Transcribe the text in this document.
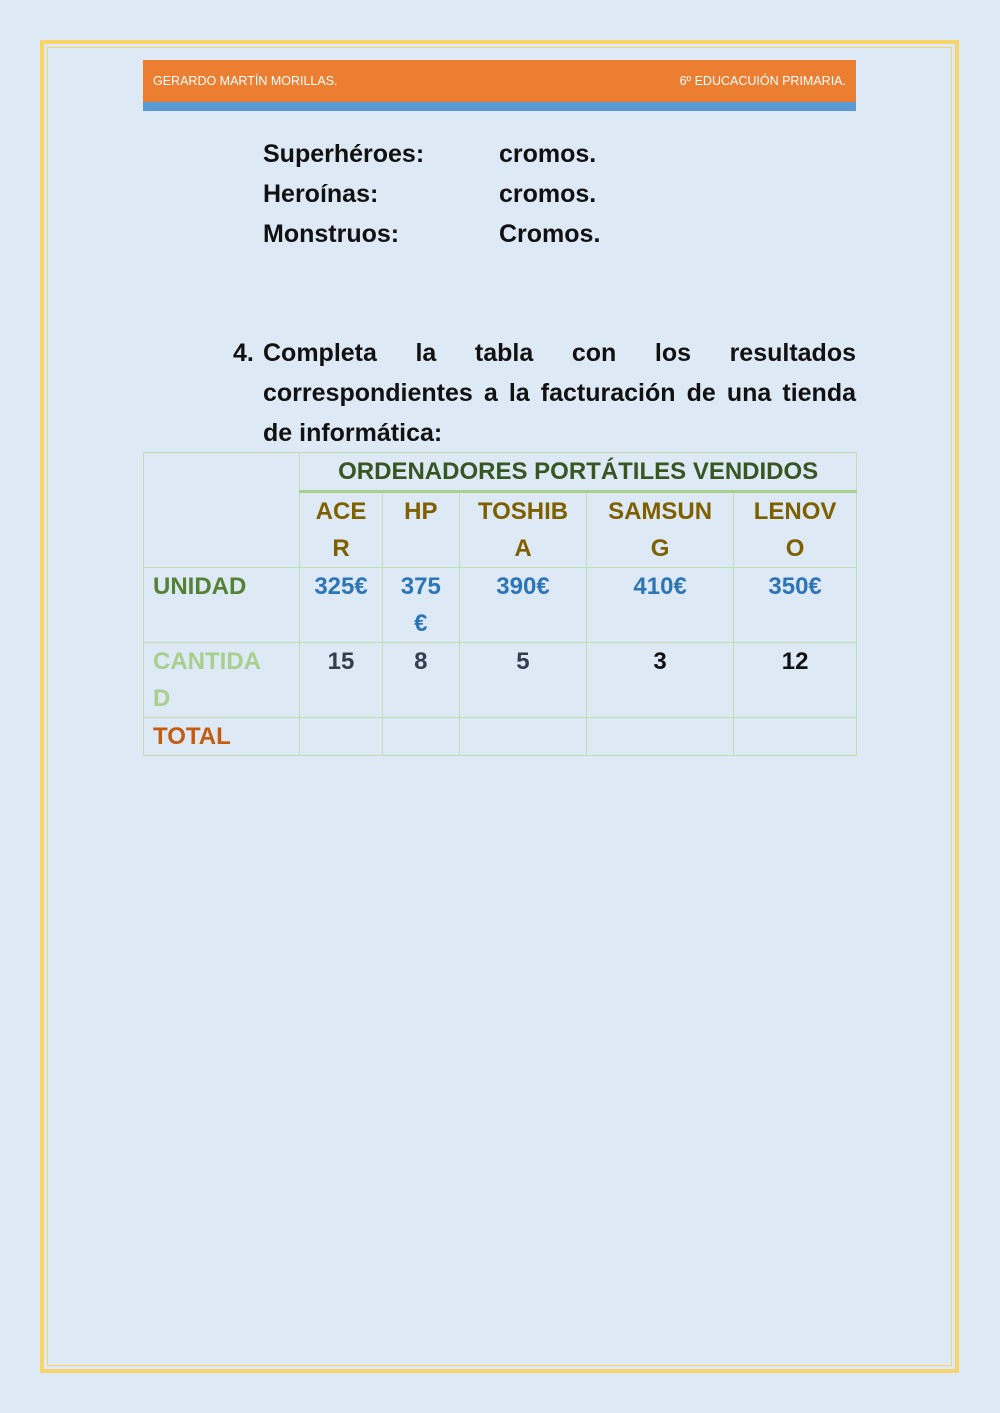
GERARDO MARTÍN MORILLAS.	6º EDUCACUIÓN PRIMARIA.
Superhéroes:	cromos.
Heroínas:	cromos.
Monstruos:	Cromos.
4. Completa la tabla con los resultados correspondientes a la facturación de una tienda de informática:
	ORDENADORES PORTÁTILES VENDIDOS				
	ACER	HP	TOSHIBA	SAMSUNG	LENOVO
UNIDAD	325€	375€	390€	410€	350€
CANTIDAD	15	8	5	3	12
TOTAL					
